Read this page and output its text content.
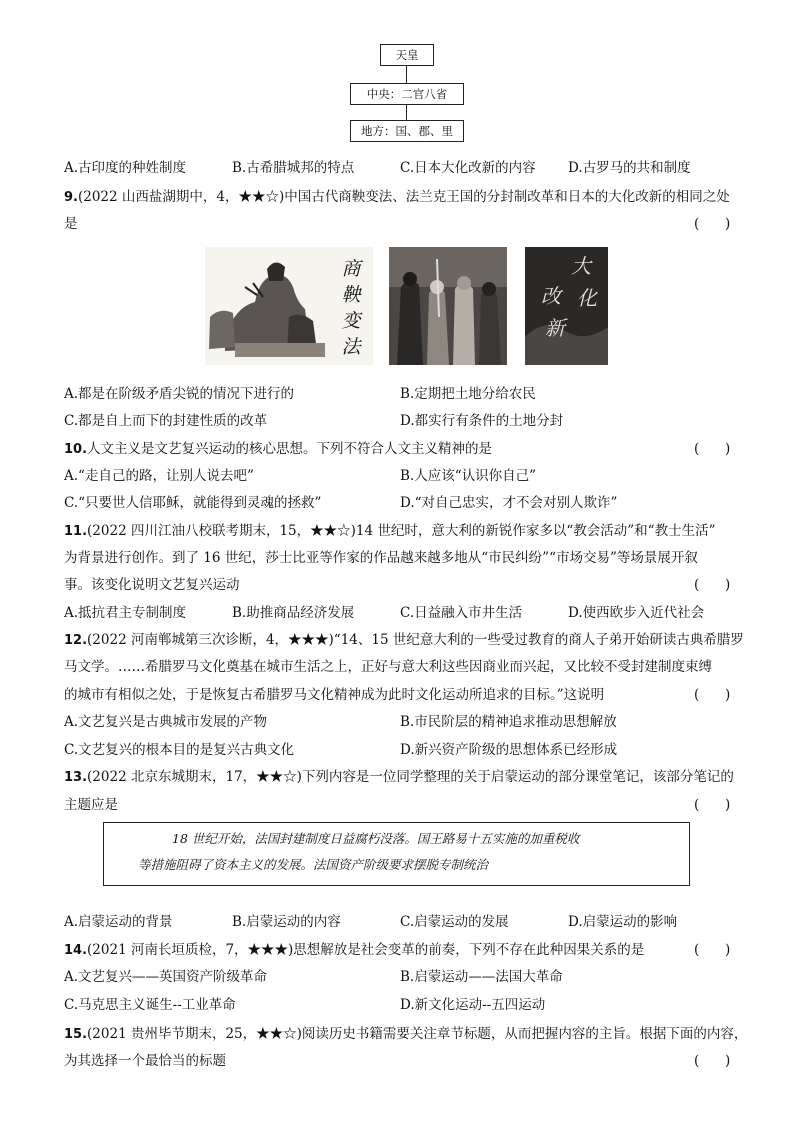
天皇
中央：二官八省
地方：国、郡、里
A.古印度的种姓制度	B.古希腊城邦的特点	C.日本大化改新的内容 D.古罗马的共和制度
9.(2022 山西盐湖期中，4，★★☆)中国古代商鞅变法、法兰克王国的分封制改革和日本的大化改新的相同之处
是	(      )
商
鞅
变
法
大
化
改
新
A.都是在阶级矛盾尖锐的情况下进行的	B.定期把土地分给农民
C.都是自上而下的封建性质的改革	D.都实行有条件的土地分封
10.人文主义是文艺复兴运动的核心思想。下列不符合人文主义精神的是	(      )
A.“走自己的路，让别人说去吧”	B.人应该“认识你自己”
C.“只要世人信耶稣，就能得到灵魂的拯救”	D.“对自己忠实，才不会对别人欺诈”
11.(2022 四川江油八校联考期末，15，★★☆)14 世纪时，意大利的新锐作家多以“教会活动”和“教士生活”
为背景进行创作。到了 16 世纪，莎士比亚等作家的作品越来越多地从“市民纠纷”“市场交易”等场景展开叙
事。该变化说明文艺复兴运动	(      )
A.抵抗君主专制制度	B.助推商品经济发展	C.日益融入市井生活	D.使西欧步入近代社会
12.(2022 河南郸城第三次诊断，4，★★★)“14、15 世纪意大利的一些受过教育的商人子弟开始研读古典希腊罗
马文学。……希腊罗马文化奠基在城市生活之上，正好与意大利这些因商业而兴起，又比较不受封建制度束缚
的城市有相似之处，于是恢复古希腊罗马文化精神成为此时文化运动所追求的目标。”这说明	(      )
A.文艺复兴是古典城市发展的产物	B.市民阶层的精神追求推动思想解放
C.文艺复兴的根本目的是复兴古典文化	D.新兴资产阶级的思想体系已经形成
13.(2022 北京东城期末，17，★★☆)下列内容是一位同学整理的关于启蒙运动的部分课堂笔记，该部分笔记的
主题应是	(      )
18 世纪开始，法国封建制度日益腐朽没落。国王路易十五实施的加重税收
等措施阻碍了资本主义的发展。法国资产阶级要求摆脱专制统治
A.启蒙运动的背景	B.启蒙运动的内容	C.启蒙运动的发展	D.启蒙运动的影响
14.(2021 河南长垣质检，7，★★★)思想解放是社会变革的前奏，下列不存在此种因果关系的是	(      )
A.文艺复兴——英国资产阶级革命	B.启蒙运动——法国大革命
C.马克思主义诞生--工业革命	D.新文化运动--五四运动
15.(2021 贵州毕节期末，25，★★☆)阅读历史书籍需要关注章节标题，从而把握内容的主旨。根据下面的内容，
为其选择一个最恰当的标题	(      )
